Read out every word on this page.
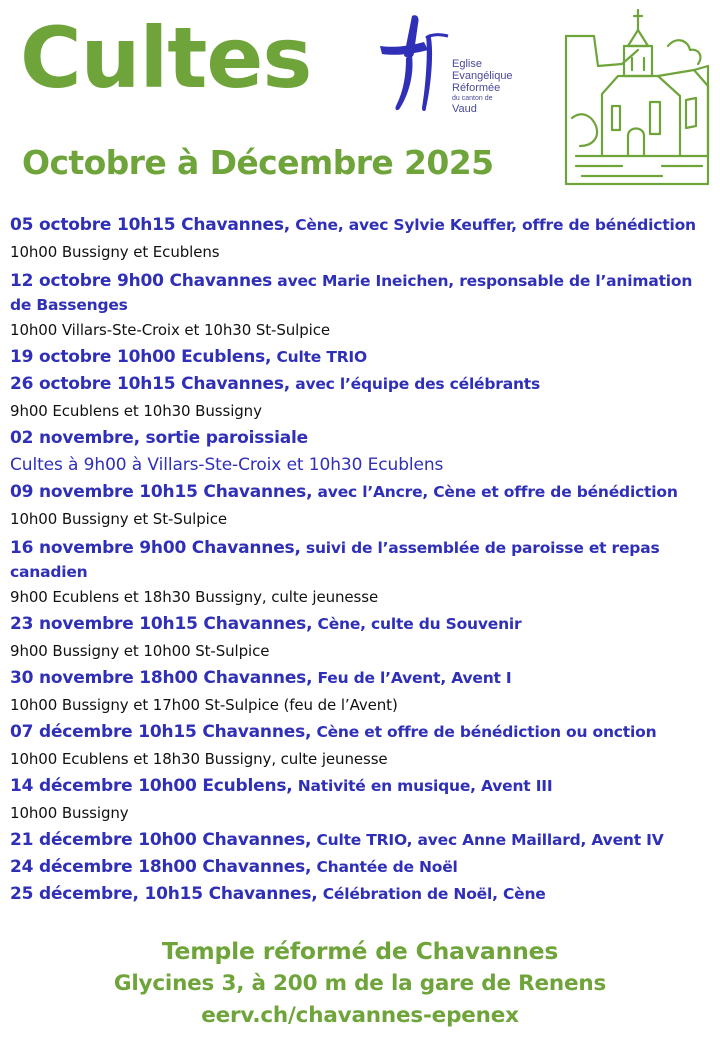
Cultes
Octobre à Décembre 2025
Eglise
Evangélique
Réformée
du canton de
Vaud
05 octobre 10h15 Chavannes, Cène, avec Sylvie Keuffer, offre de bénédiction
10h00 Bussigny et Ecublens
12 octobre 9h00 Chavannes avec Marie Ineichen, responsable de l’animation de Bassenges
10h00 Villars-Ste-Croix et 10h30 St-Sulpice
19 octobre 10h00 Ecublens, Culte TRIO
26 octobre 10h15 Chavannes, avec l’équipe des célébrants
9h00 Ecublens et 10h30 Bussigny
02 novembre, sortie paroissiale
Cultes à 9h00 à Villars-Ste-Croix et 10h30 Ecublens
09 novembre 10h15 Chavannes, avec l’Ancre, Cène et offre de bénédiction
10h00 Bussigny et St-Sulpice
16 novembre 9h00 Chavannes, suivi de l’assemblée de paroisse et repas canadien
9h00 Ecublens et 18h30 Bussigny, culte jeunesse
23 novembre 10h15 Chavannes, Cène, culte du Souvenir
9h00 Bussigny et 10h00 St-Sulpice
30 novembre 18h00 Chavannes, Feu de l’Avent, Avent I
10h00 Bussigny et 17h00 St-Sulpice (feu de l’Avent)
07 décembre 10h15 Chavannes, Cène et offre de bénédiction ou onction
10h00 Ecublens et 18h30 Bussigny, culte jeunesse
14 décembre 10h00 Ecublens, Nativité en musique, Avent III
10h00 Bussigny
21 décembre 10h00 Chavannes, Culte TRIO, avec Anne Maillard, Avent IV
24 décembre 18h00 Chavannes, Chantée de Noël
25 décembre, 10h15 Chavannes, Célébration de Noël, Cène
Temple réformé de Chavannes
Glycines 3, à 200 m de la gare de Renens
eerv.ch/chavannes-epenex
